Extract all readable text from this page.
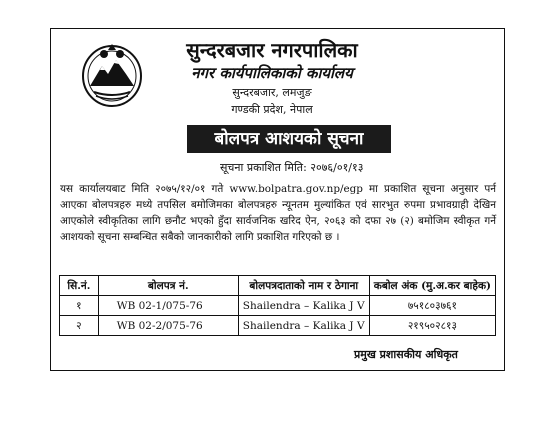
सुन्दरबजार नगरपालिका
नगर कार्यपालिकाको कार्यालय
सुन्दरबजार, लमजुङ
गण्डकी प्रदेश, नेपाल
बोलपत्र आशयको सूचना
सूचना प्रकाशित मिति: २०७६/०१/१३
यस कार्यालयबाट मिति २०७५/१२/०१ गते www.bolpatra.gov.np/egp मा प्रकाशित सूचना अनुसार पर्न आएका बोलपत्रहरु मध्ये तपसिल बमोजिमका बोलपत्रहरु न्यूनतम मुल्यांकित एवं सारभुत रुपमा प्रभावग्राही देखिन आएकोले स्वीकृतिका लागि छनौट भएको हुँदा सार्वजनिक खरिद ऐन, २०६३ को दफा २७ (२) बमोजिम स्वीकृत गर्ने आशयको सूचना सम्बन्धित सबैको जानकारीको लागि प्रकाशित गरिएको छ ।
सि.नं.	बोलपत्र नं.	बोलपत्रदाताको नाम र ठेगाना	कबोल अंक (मु.अ.कर बाहेक)
१	WB 02-1/075-76	Shailendra – Kalika J V	७५१८०३७६१
२	WB 02-2/075-76	Shailendra – Kalika J V	२१९५०२८१३
प्रमुख प्रशासकीय अधिकृत
